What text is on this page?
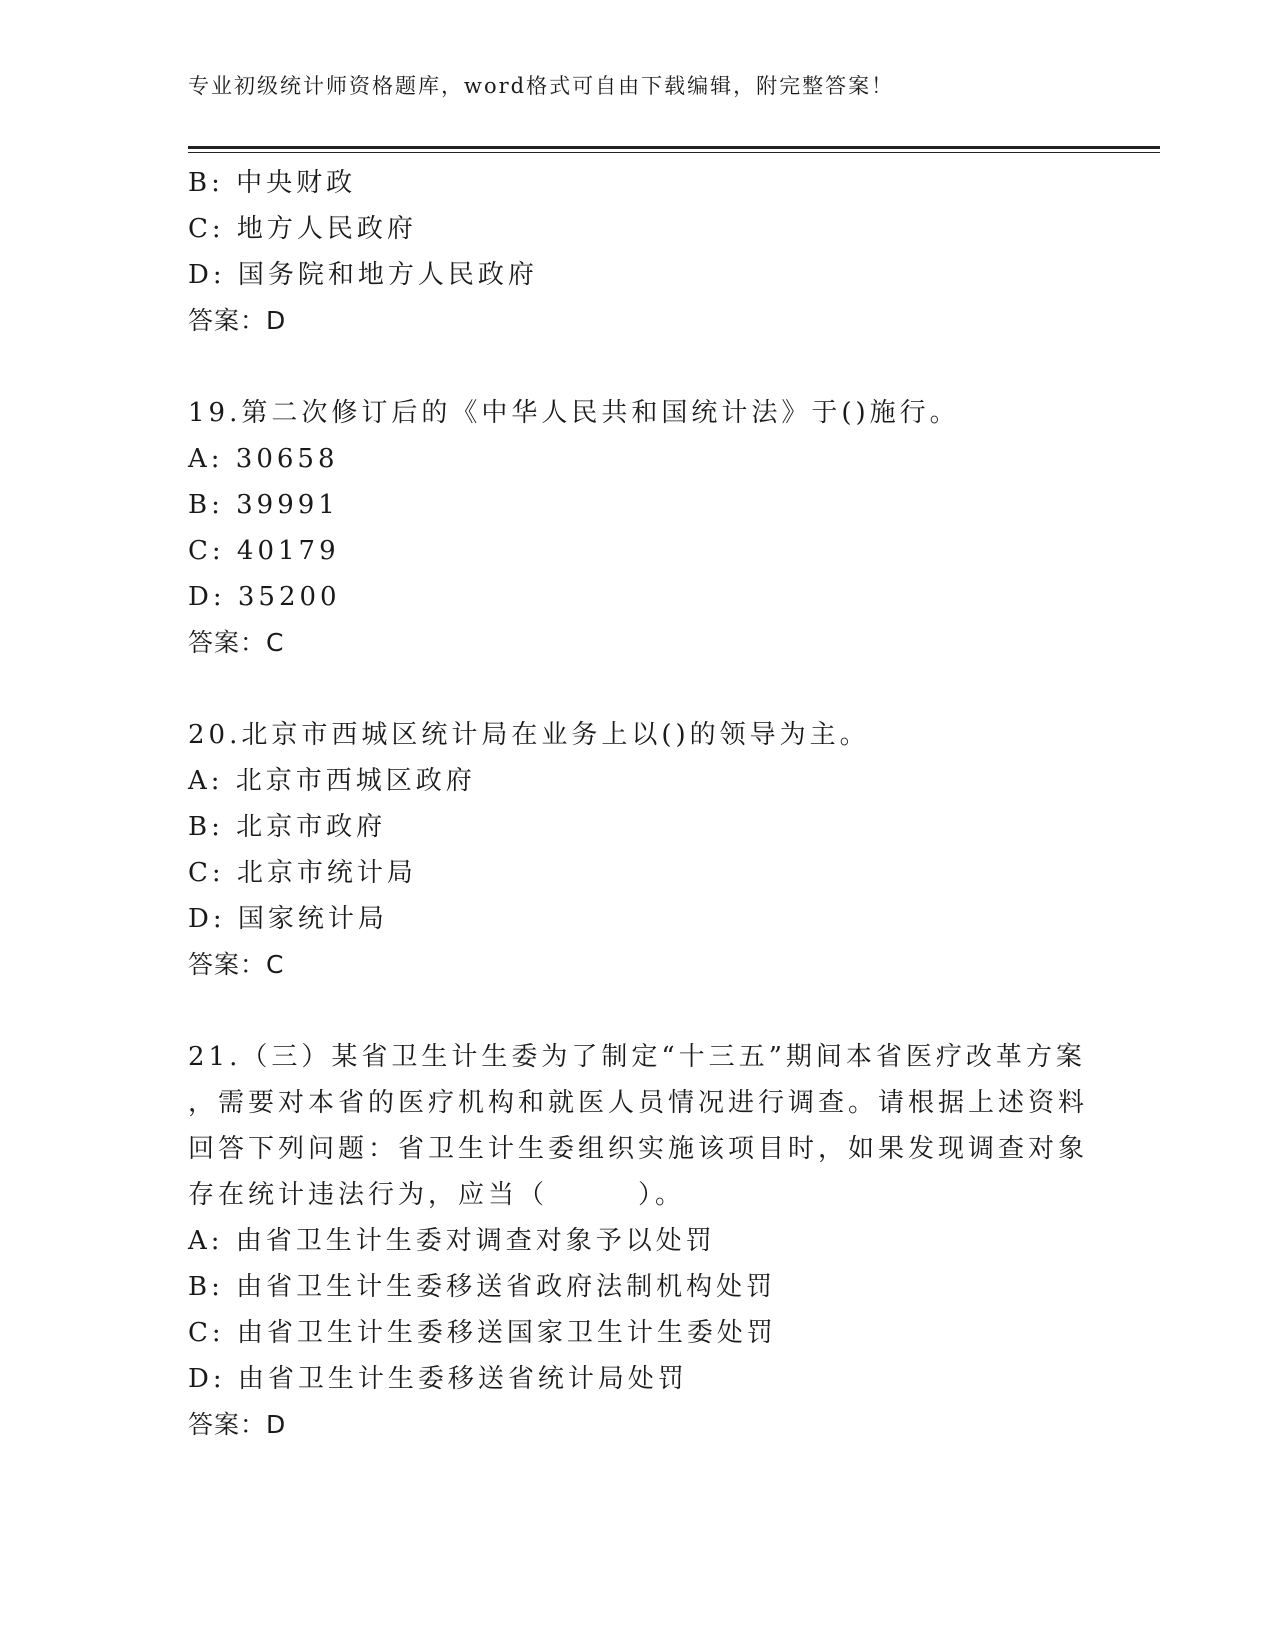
专业初级统计师资格题库，word格式可自由下载编辑，附完整答案！
B: 中央财政
C: 地方人民政府
D: 国务院和地方人民政府
答案：D
19.第二次修订后的《中华人民共和国统计法》于()施行。
A: 30658
B: 39991
C: 40179
D: 35200
答案：C
20.北京市西城区统计局在业务上以()的领导为主。
A: 北京市西城区政府
B: 北京市政府
C: 北京市统计局
D: 国家统计局
答案：C
21.（三）某省卫生计生委为了制定“十三五”期间本省医疗改革方案
，需要对本省的医疗机构和就医人员情况进行调查。请根据上述资料
回答下列问题：省卫生计生委组织实施该项目时，如果发现调查对象
存在统计违法行为，应当（　　　）。
A: 由省卫生计生委对调查对象予以处罚
B: 由省卫生计生委移送省政府法制机构处罚
C: 由省卫生计生委移送国家卫生计生委处罚
D: 由省卫生计生委移送省统计局处罚
答案：D
